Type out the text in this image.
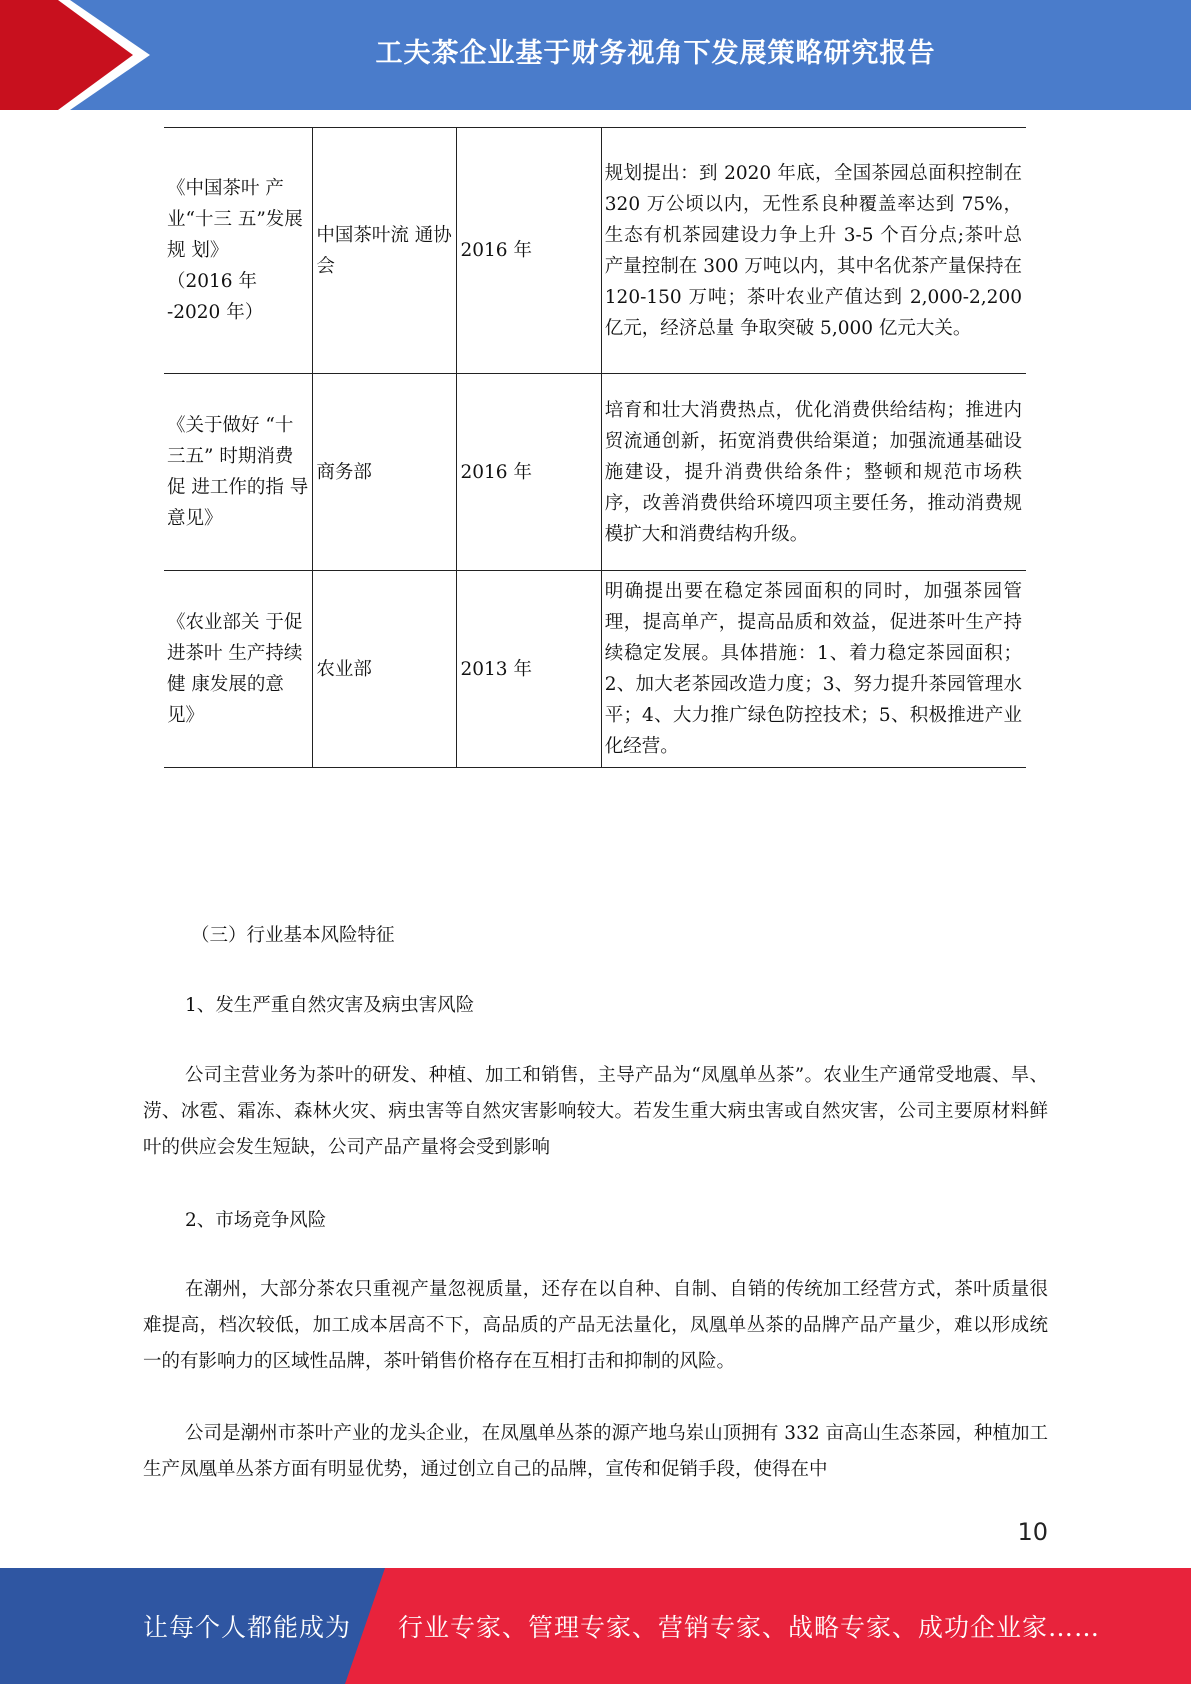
工夫茶企业基于财务视角下发展策略研究报告
《中国茶叶 产业“十三 五”发展规 划》
（2016 年
-2020 年）	中国茶叶流 通协会	2016 年	规划提出：到 2020 年底，全国茶园总面积控制在 320 万公顷以内，无性系良种覆盖率达到 75%，生态有机茶园建设力争上升 3-5 个百分点;茶叶总产量控制在 300 万吨以内，其中名优茶产量保持在 120-150 万吨；茶叶农业产值达到 2,000-2,200 亿元，经济总量 争取突破 5,000 亿元大关。
《关于做好 “十三五” 时期消费促 进工作的指 导意见》	商务部	2016 年	培育和壮大消费热点，优化消费供给结构；推进内贸流通创新，拓宽消费供给渠道；加强流通基础设施建设，提升消费供给条件；整顿和规范市场秩序，改善消费供给环境四项主要任务，推动消费规模扩大和消费结构升级。
《农业部关 于促进茶叶 生产持续健 康发展的意 见》	农业部	2013 年	明确提出要在稳定茶园面积的同时，加强茶园管理，提高单产，提高品质和效益，促进茶叶生产持续稳定发展。具体措施：1、着力稳定茶园面积；2、加大老茶园改造力度；3、努力提升茶园管理水平；4、大力推广绿色防控技术；5、积极推进产业化经营。

（三）行业基本风险特征

1、发生严重自然灾害及病虫害风险

公司主营业务为茶叶的研发、种植、加工和销售，主导产品为“凤凰单丛茶”。农业生产通常受地震、旱、涝、冰雹、霜冻、森林火灾、病虫害等自然灾害影响较大。若发生重大病虫害或自然灾害，公司主要原材料鲜叶的供应会发生短缺，公司产品产量将会受到影响

2、市场竞争风险

在潮州，大部分茶农只重视产量忽视质量，还存在以自种、自制、自销的传统加工经营方式，茶叶质量很难提高，档次较低，加工成本居高不下，高品质的产品无法量化，凤凰单丛茶的品牌产品产量少，难以形成统一的有影响力的区域性品牌，茶叶销售价格存在互相打击和抑制的风险。

公司是潮州市茶叶产业的龙头企业，在凤凰单丛茶的源产地乌岽山顶拥有 332 亩高山生态茶园，种植加工生产凤凰单丛茶方面有明显优势，通过创立自己的品牌，宣传和促销手段，使得在中

10
让每个人都能成为 行业专家、管理专家、营销专家、战略专家、成功企业家……
